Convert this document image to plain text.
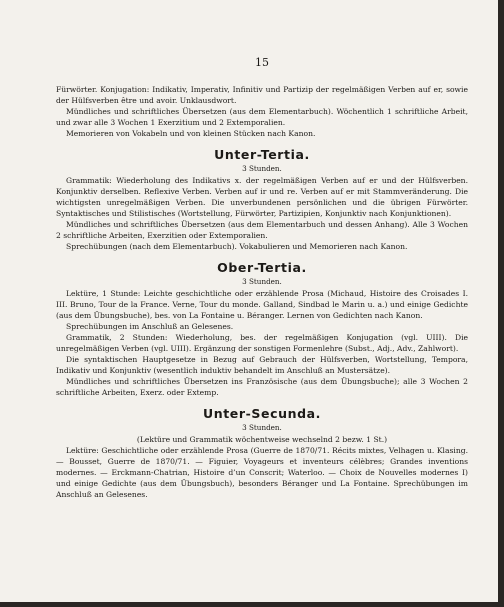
15

Fürwörter. Konjugation: Indikativ, Imperativ, Infinitiv und Partizip der regelmäßigen Verben auf er, sowie der Hülfsverben être und avoir. Unklausdwort.

Mündliches und schriftliches Übersetzen (aus dem Elementarbuch). Wöchentlich 1 schriftliche Arbeit, und zwar alle 3 Wochen 1 Exerzitium und 2 Extemporalien.

Memorieren von Vokabeln und von kleinen Stücken nach Kanon.

Unter-Tertia.
3 Stunden.

Grammatik: Wiederholung des Indikativs x. der regelmäßigen Verben auf er und der Hülfsverben. Konjunktiv derselben. Reflexive Verben. Verben auf ir und re. Verben auf er mit Stammveränderung. Die wichtigsten unregelmäßigen Verben. Die unverbundenen persönlichen und die übrigen Fürwörter. Syntaktisches und Stilistisches (Wortstellung, Fürwörter, Partizipien, Konjunktiv nach Konjunktionen).

Mündliches und schriftliches Übersetzen (aus dem Elementarbuch und dessen Anhang). Alle 3 Wochen 2 schriftliche Arbeiten, Exerzitien oder Extemporalien.

Sprechübungen (nach dem Elementarbuch). Vokabulieren und Memorieren nach Kanon.

Ober-Tertia.
3 Stunden.

Lektüre, 1 Stunde: Leichte geschichtliche oder erzählende Prosa (Michaud, Histoire des Croisades I. III. Bruno, Tour de la France. Verne, Tour du monde. Galland, Sindbad le Marin u. a.) und einige Gedichte (aus dem Übungsbuche), bes. von La Fontaine u. Béranger. Lernen von Gedichten nach Kanon.

Sprechübungen im Anschluß an Gelesenes.

Grammatik, 2 Stunden: Wiederholung, bes. der regelmäßigen Konjugation (vgl. UIII). Die unregelmäßigen Verben (vgl. UIII). Ergänzung der sonstigen Formenlehre (Subst., Adj., Adv., Zahlwort).

Die syntaktischen Hauptgesetze in Bezug auf Gebrauch der Hülfsverben, Wortstellung, Tempora, Indikativ und Konjunktiv (wesentlich induktiv behandelt im Anschluß an Mustersätze).

Mündliches und schriftliches Übersetzen ins Französische (aus dem Übungsbuche); alle 3 Wochen 2 schriftliche Arbeiten, Exerz. oder Extemp.

Unter-Secunda.
3 Stunden.

(Lektüre und Grammatik wöchentweise wechselnd 2 bezw. 1 St.)

Lektüre: Geschichtliche oder erzählende Prosa (Guerre de 1870/71. Récits mixtes, Velhagen u. Klasing. — Bousset, Guerre de 1870/71. — Figuier, Voyageurs et inventeurs célèbres; Grandes inventions modernes. — Erckmann-Chatrian, Histoire d’un Conscrit; Waterloo. — Choix de Nouvelles modernes I) und einige Gedichte (aus dem Übungsbuch), besonders Béranger und La Fontaine. Sprechübungen im Anschluß an Gelesenes.
